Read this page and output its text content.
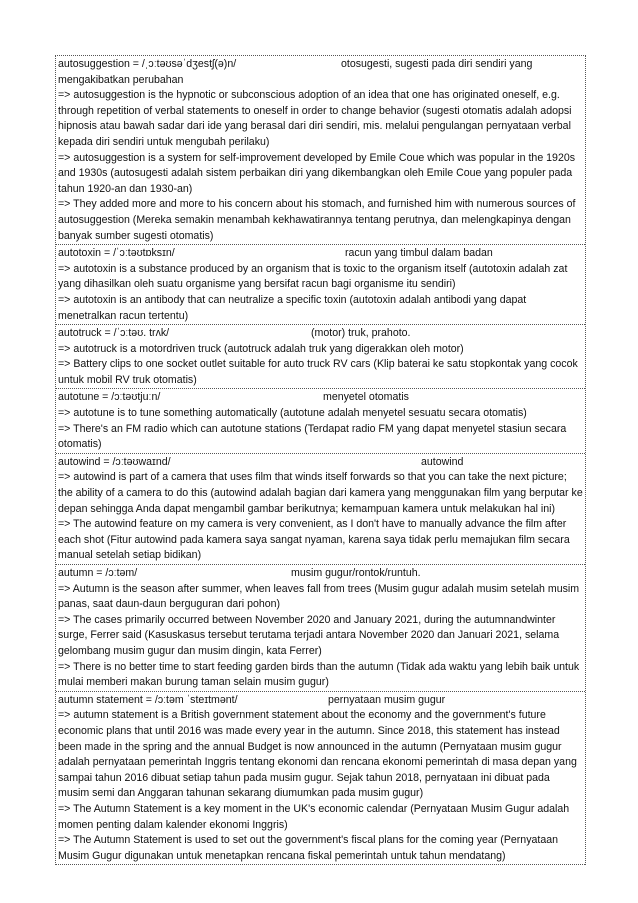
autosuggestion = /ˌɔːtəʊsəˈdʒestʃ(ə)n/	otosugesti, sugesti pada diri sendiri yang
mengakibatkan perubahan
=> autosuggestion is the hypnotic or subconscious adoption of an idea that one has originated oneself, e.g. through repetition of verbal statements to oneself in order to change behavior (sugesti otomatis adalah adopsi hipnosis atau bawah sadar dari ide yang berasal dari diri sendiri, mis. melalui pengulangan pernyataan verbal kepada diri sendiri untuk mengubah perilaku)
=> autosuggestion is a system for self-improvement developed by Emile Coue which was popular in the 1920s and 1930s (autosugesti adalah sistem perbaikan diri yang dikembangkan oleh Emile Coue yang populer pada tahun 1920-an dan 1930-an)
=> They added more and more to his concern about his stomach, and furnished him with numerous sources of autosuggestion (Mereka semakin menambah kekhawatirannya tentang perutnya, dan melengkapinya dengan banyak sumber sugesti otomatis)
autotoxin = /ˈɔːtəʊtɒksɪn/	racun yang timbul dalam badan
=> autotoxin is a substance produced by an organism that is toxic to the organism itself (autotoxin adalah zat yang dihasilkan oleh suatu organisme yang bersifat racun bagi organisme itu sendiri)
=> autotoxin is an antibody that can neutralize a specific toxin (autotoxin adalah antibodi yang dapat menetralkan racun tertentu)
autotruck = /ˈɔːtəʊ. trʌk/	(motor) truk, prahoto.
=> autotruck is a motordriven truck (autotruck adalah truk yang digerakkan oleh motor)
=> Battery clips to one socket outlet suitable for auto truck RV cars (Klip baterai ke satu stopkontak yang cocok untuk mobil RV truk otomatis)
autotune = /ɔːtəʊtjuːn/	menyetel otomatis
=> autotune is to tune something automatically (autotune adalah menyetel sesuatu secara otomatis)
=> There's an FM radio which can autotune stations (Terdapat radio FM yang dapat menyetel stasiun secara otomatis)
autowind = /ɔːtəʊwaɪnd/	autowind
=> autowind is part of a camera that uses film that winds itself forwards so that you can take the next picture; the ability of a camera to do this (autowind adalah bagian dari kamera yang menggunakan film yang berputar ke depan sehingga Anda dapat mengambil gambar berikutnya; kemampuan kamera untuk melakukan hal ini)
=> The autowind feature on my camera is very convenient, as I don't have to manually advance the film after each shot (Fitur autowind pada kamera saya sangat nyaman, karena saya tidak perlu memajukan film secara manual setelah setiap bidikan)
autumn = /ɔːtəm/	musim gugur/rontok/runtuh.
=> Autumn is the season after summer, when leaves fall from trees (Musim gugur adalah musim setelah musim panas, saat daun-daun berguguran dari pohon)
=> The cases primarily occurred between November 2020 and January 2021, during the autumnandwinter surge, Ferrer said (Kasuskasus tersebut terutama terjadi antara November 2020 dan Januari 2021, selama gelombang musim gugur dan musim dingin, kata Ferrer)
=> There is no better time to start feeding garden birds than the autumn (Tidak ada waktu yang lebih baik untuk mulai memberi makan burung taman selain musim gugur)
autumn statement = /ɔːtəm ˈsteɪtmənt/	pernyataan musim gugur
=> autumn statement is a British government statement about the economy and the government's future economic plans that until 2016 was made every year in the autumn. Since 2018, this statement has instead been made in the spring and the annual Budget is now announced in the autumn (Pernyataan musim gugur adalah pernyataan pemerintah Inggris tentang ekonomi dan rencana ekonomi pemerintah di masa depan yang sampai tahun 2016 dibuat setiap tahun pada musim gugur. Sejak tahun 2018, pernyataan ini dibuat pada musim semi dan Anggaran tahunan sekarang diumumkan pada musim gugur)
=> The Autumn Statement is a key moment in the UK's economic calendar (Pernyataan Musim Gugur adalah momen penting dalam kalender ekonomi Inggris)
=> The Autumn Statement is used to set out the government's fiscal plans for the coming year (Pernyataan Musim Gugur digunakan untuk menetapkan rencana fiskal pemerintah untuk tahun mendatang)
